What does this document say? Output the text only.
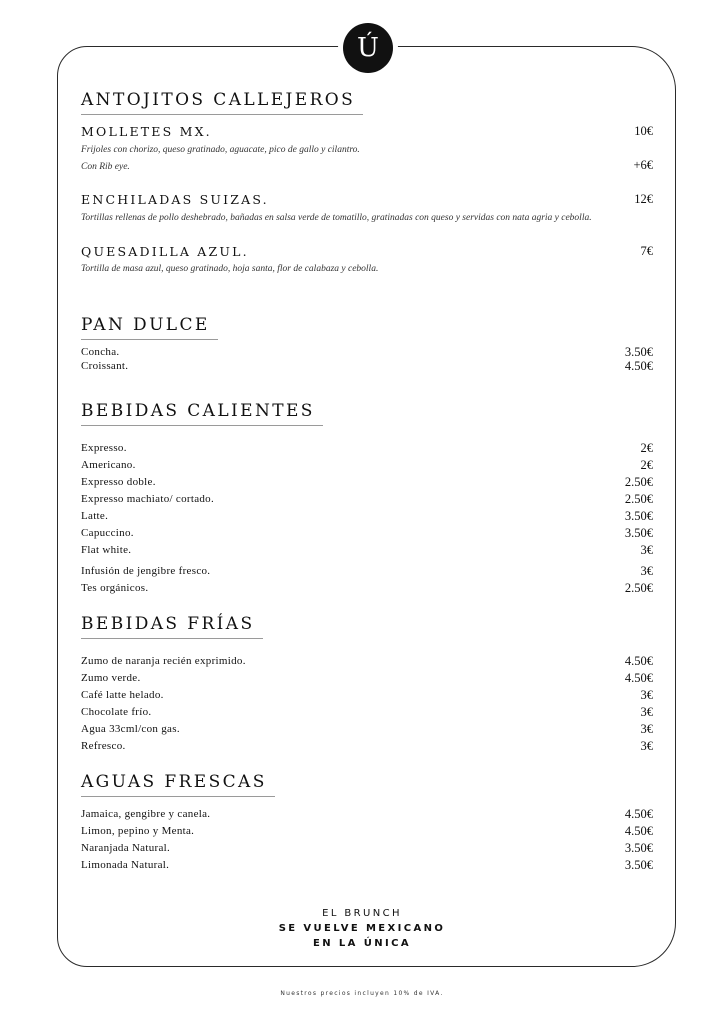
Ú
ANTOJITOS CALLEJEROS
MOLLETES MX.	10€
Frijoles con chorizo, queso gratinado, aguacate, pico de gallo y cilantro.
Con Rib eye.	+6€
ENCHILADAS SUIZAS.	12€
Tortillas rellenas de pollo deshebrado, bañadas en salsa verde de tomatillo, gratinadas con queso y servidas con nata agria y cebolla.
QUESADILLA AZUL.	7€
Tortilla de masa azul, queso gratinado, hoja santa, flor de calabaza y cebolla.
PAN DULCE
Concha.	3.50€
Croissant.	4.50€
BEBIDAS CALIENTES
Expresso.	2€
Americano.	2€
Expresso doble.	2.50€
Expresso machiato/ cortado.	2.50€
Latte.	3.50€
Capuccino.	3.50€
Flat white.	3€
Infusión de jengibre fresco.	3€
Tes orgánicos.	2.50€
BEBIDAS FRÍAS
Zumo de naranja recién exprimido.	4.50€
Zumo verde.	4.50€
Café latte helado.	3€
Chocolate frío.	3€
Agua 33cml/con gas.	3€
Refresco.	3€
AGUAS FRESCAS
Jamaica, gengibre y canela.	4.50€
Limon, pepino y Menta.	4.50€
Naranjada Natural.	3.50€
Limonada Natural.	3.50€
EL BRUNCH
SE VUELVE MEXICANO
EN LA ÚNICA
Nuestros precios incluyen 10% de IVA.
